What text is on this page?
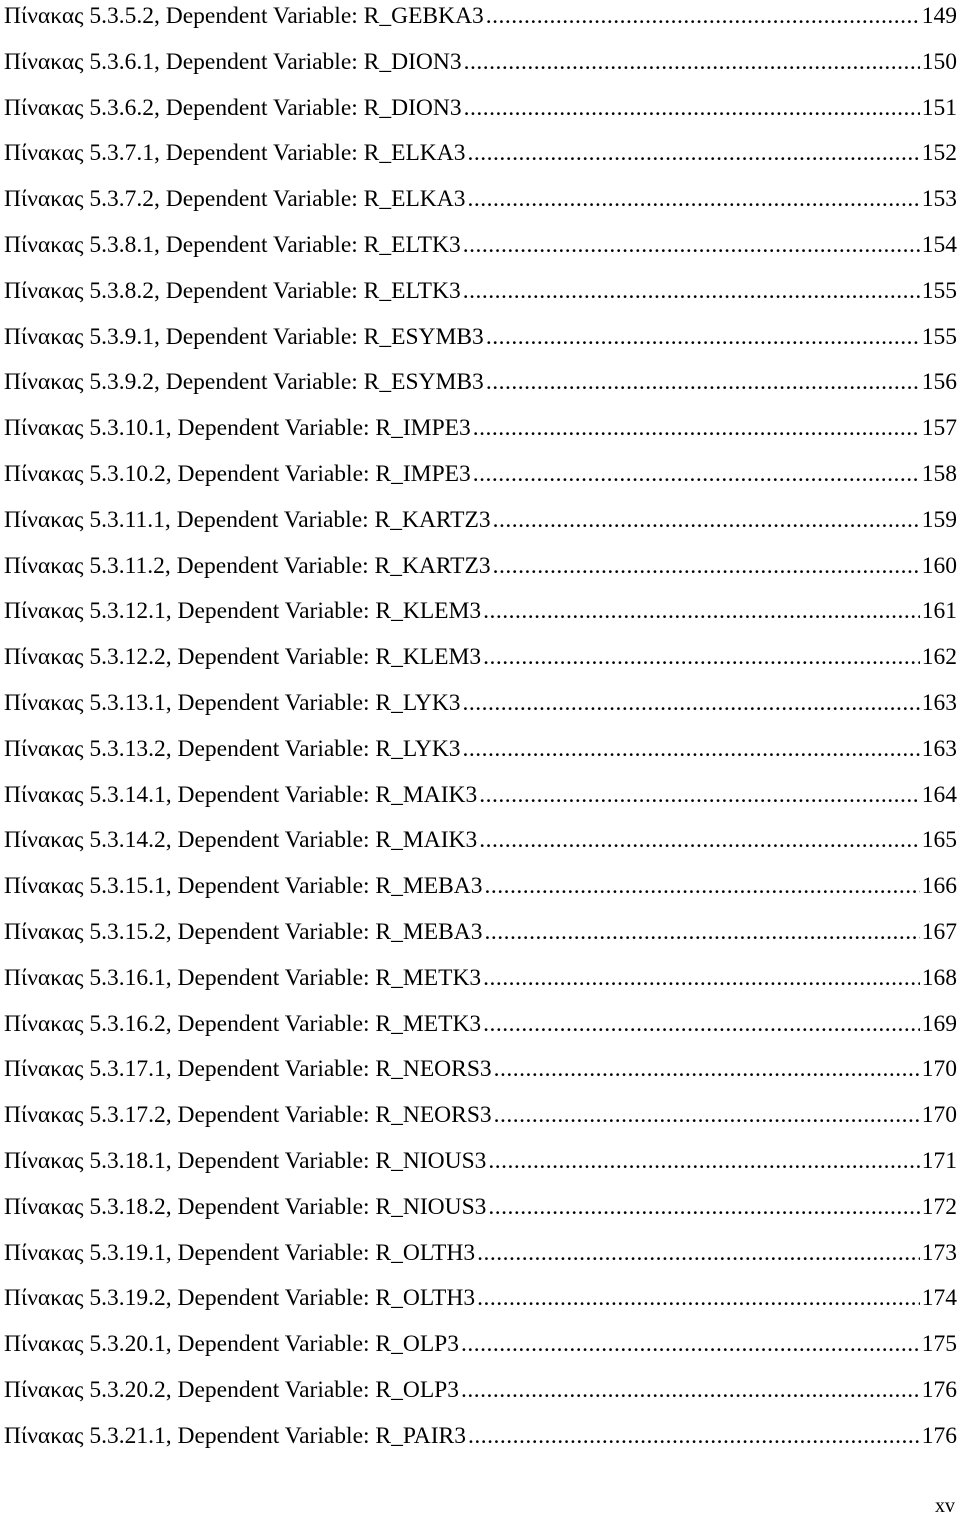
Πίνακας 5.3.5.2, Dependent Variable: R_GEBKA3 .....	149
Πίνακας 5.3.6.1, Dependent Variable: R_DION3 .....	150
Πίνακας 5.3.6.2, Dependent Variable: R_DION3 .....	151
Πίνακας 5.3.7.1, Dependent Variable: R_ELKA3 .....	152
Πίνακας 5.3.7.2, Dependent Variable: R_ELKA3 .....	153
Πίνακας 5.3.8.1, Dependent Variable: R_ELTK3 .....	154
Πίνακας 5.3.8.2, Dependent Variable: R_ELTK3 .....	155
Πίνακας 5.3.9.1, Dependent Variable: R_ESYMB3 .....	155
Πίνακας 5.3.9.2, Dependent Variable: R_ESYMB3 .....	156
Πίνακας 5.3.10.1, Dependent Variable: R_IMPE3 .....	157
Πίνακας 5.3.10.2, Dependent Variable: R_IMPE3 .....	158
Πίνακας 5.3.11.1, Dependent Variable: R_KARTZ3 .....	159
Πίνακας 5.3.11.2, Dependent Variable: R_KARTZ3 .....	160
Πίνακας 5.3.12.1, Dependent Variable: R_KLEM3 .....	161
Πίνακας 5.3.12.2, Dependent Variable: R_KLEM3 .....	162
Πίνακας 5.3.13.1, Dependent Variable: R_LYK3 .....	163
Πίνακας 5.3.13.2, Dependent Variable: R_LYK3 .....	163
Πίνακας 5.3.14.1, Dependent Variable: R_MAIK3 .....	164
Πίνακας 5.3.14.2, Dependent Variable: R_MAIK3 .....	165
Πίνακας 5.3.15.1, Dependent Variable: R_MEBA3 .....	166
Πίνακας 5.3.15.2, Dependent Variable: R_MEBA3 .....	167
Πίνακας 5.3.16.1, Dependent Variable: R_METK3 .....	168
Πίνακας 5.3.16.2, Dependent Variable: R_METK3 .....	169
Πίνακας 5.3.17.1, Dependent Variable: R_NEORS3 .....	170
Πίνακας 5.3.17.2, Dependent Variable: R_NEORS3 .....	170
Πίνακας 5.3.18.1, Dependent Variable: R_NIOUS3 .....	171
Πίνακας 5.3.18.2, Dependent Variable: R_NIOUS3 .....	172
Πίνακας 5.3.19.1, Dependent Variable: R_OLTH3 .....	173
Πίνακας 5.3.19.2, Dependent Variable: R_OLTH3 .....	174
Πίνακας 5.3.20.1, Dependent Variable: R_OLP3 .....	175
Πίνακας 5.3.20.2, Dependent Variable: R_OLP3 .....	176
Πίνακας 5.3.21.1, Dependent Variable: R_PAIR3 .....	176
xv
